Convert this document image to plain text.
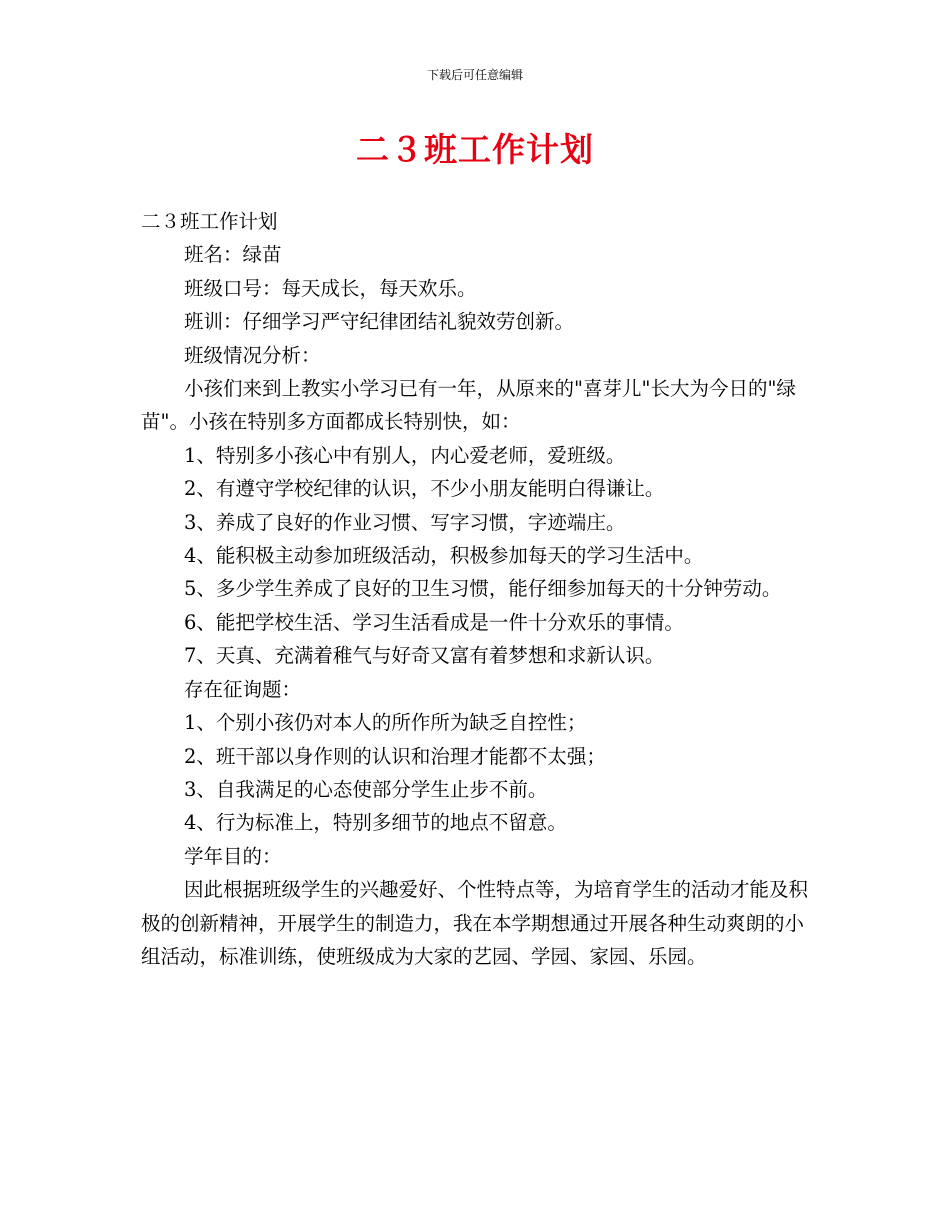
下载后可任意编辑
二３班工作计划

二３班工作计划

班名：绿苗

班级口号：每天成长，每天欢乐。

班训：仔细学习严守纪律团结礼貌效劳创新。

班级情况分析：

小孩们来到上教实小学习已有一年，从原来的"喜芽儿"长大为今日的"绿苗"。小孩在特别多方面都成长特别快，如：

1、特别多小孩心中有别人，内心爱老师，爱班级。

2、有遵守学校纪律的认识，不少小朋友能明白得谦让。

3、养成了良好的作业习惯、写字习惯，字迹端庄。

4、能积极主动参加班级活动，积极参加每天的学习生活中。

5、多少学生养成了良好的卫生习惯，能仔细参加每天的十分钟劳动。

6、能把学校生活、学习生活看成是一件十分欢乐的事情。

7、天真、充满着稚气与好奇又富有着梦想和求新认识。

存在征询题：

1、个别小孩仍对本人的所作所为缺乏自控性；

2、班干部以身作则的认识和治理才能都不太强；

3、自我满足的心态使部分学生止步不前。

4、行为标准上，特别多细节的地点不留意。

学年目的：

因此根据班级学生的兴趣爱好、个性特点等，为培育学生的活动才能及积极的创新精神，开展学生的制造力，我在本学期想通过开展各种生动爽朗的小组活动，标准训练，使班级成为大家的艺园、学园、家园、乐园。
